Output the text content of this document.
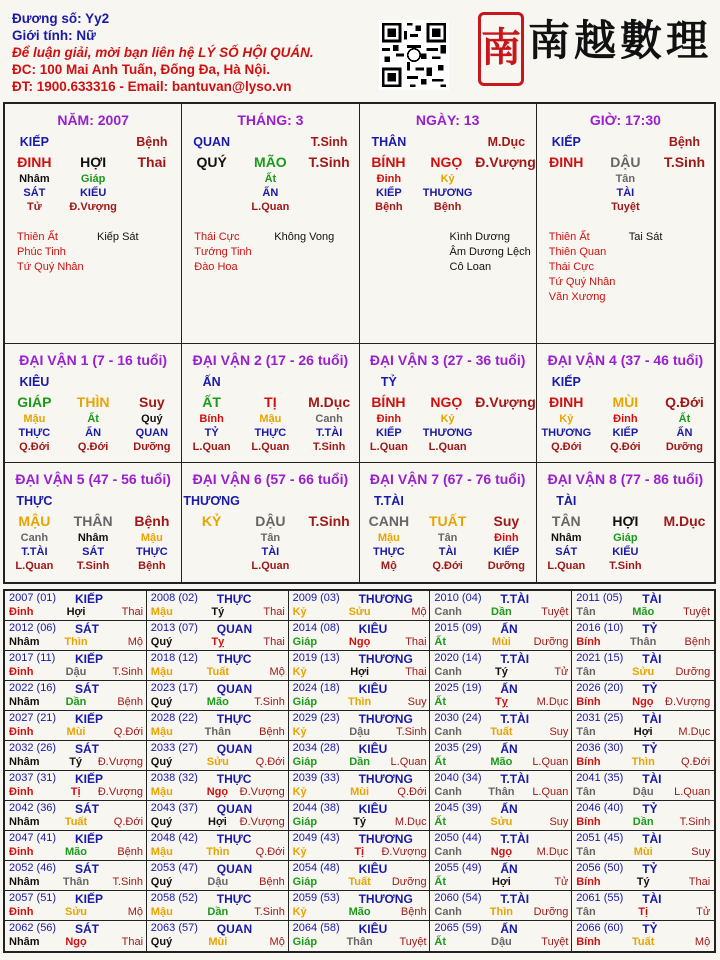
Đương số: Yy2
Giới tính: Nữ
Để luận giải, mời bạn liên hệ LÝ SỐ HỘI QUÁN.
ĐC: 100 Mai Anh Tuấn, Đống Đa, Hà Nội.
ĐT: 1900.633316 - Email: bantuvan@lyso.vn
南 南越數理
NĂM: 2007
KIẾP	Bệnh
ĐINH	HỢI	Thai
Nhâm	Giáp
SÁT	KIẾU
Tử	Đ.Vượng
Thiên Ất
Phúc Tinh
Tứ Quý Nhân
Kiếp Sát
THÁNG: 3
QUAN	T.Sinh
QUÝ	MÃO	T.Sinh
Ất
ẤN
L.Quan
Thái Cực
Tướng Tinh
Đào Hoa
Không Vong
NGÀY: 13
THÂN	M.Dục
BÍNH	NGỌ Đ.Vượng
Đinh	Kỷ
KIẾP	THƯƠNG
Bệnh	Bệnh
Kình Dương
Âm Dương Lệch
Cô Loan
GIỜ: 17:30
KIẾP	Bệnh
ĐINH	DẬU	T.Sinh
Tân
TÀI
Tuyệt
Thiên Ất
Thiên Quan
Thái Cực
Tứ Quý Nhân
Văn Xương
Tai Sát
ĐẠI VẬN 1 (7 - 16 tuổi)
KIÊU
GIÁP	THÌN	Suy
Mậu	Ất	Quý
THỰC	ẤN	QUAN
Q.Đới	Q.Đới	Dưỡng
ĐẠI VẬN 2 (17 - 26 tuổi)
ẤN
ẤT	TỊ	M.Dục
Bính	Mậu	Canh
TỶ	THỰC	T.TÀI
L.Quan	L.Quan	T.Sinh
ĐẠI VẬN 3 (27 - 36 tuổi)
TỶ
BÍNH	NGỌ Đ.Vượng
Đinh	Kỷ
KIẾP	THƯƠNG
L.Quan	L.Quan
ĐẠI VẬN 4 (37 - 46 tuổi)
KIẾP
ĐINH	MÙI	Q.Đới
Kỷ	Đinh	Ất
THƯƠNG	KIẾP	ẤN
Q.Đới	Q.Đới	Dưỡng
ĐẠI VẬN 5 (47 - 56 tuổi)
THỰC
MẬU	THÂN	Bệnh
Canh	Nhâm	Mậu
T.TÀI	SÁT	THỰC
L.Quan	T.Sinh	Bệnh
ĐẠI VẬN 6 (57 - 66 tuổi)
THƯƠNG
KỶ	DẬU	T.Sinh
Tân
TÀI
L.Quan
ĐẠI VẬN 7 (67 - 76 tuổi)
T.TÀI
CANH	TUẤT	Suy
Mậu	Tân	Đinh
THỰC	TÀI	KIẾP
Mộ	Q.Đới	Dưỡng
ĐẠI VẬN 8 (77 - 86 tuổi)
TÀI
TÂN	HỢI	M.Dục
Nhâm	Giáp
SÁT	KIẾU
L.Quan	T.Sinh
2007 (01) KIẾP
Đinh	Hợi	Thai
2008 (02) THỰC
Mậu	Tý	Thai
2009 (03) THƯƠNG
Kỷ	Sửu	Mộ
2010 (04) T.TÀI
Canh	Dần	Tuyệt
2011 (05) TÀI
Tân	Mão	Tuyệt
2012 (06) SÁT
Nhâm	Thìn	Mộ
2013 (07) QUAN
Quý	Tỵ	Thai
2014 (08) KIÊU
Giáp	Ngọ	Thai
2015 (09) ẤN
Ất	Mùi	Dưỡng
2016 (10) TỶ
Bính	Thân	Bệnh
2017 (11) KIẾP
Đinh	Dậu	T.Sinh
2018 (12) THỰC
Mậu	Tuất	Mộ
2019 (13) THƯƠNG
Kỷ	Hợi	Thai
2020 (14) T.TÀI
Canh	Tý	Tử
2021 (15) TÀI
Tân	Sửu	Dưỡng
2022 (16) SÁT
Nhâm	Dần	Bệnh
2023 (17) QUAN
Quý	Mão	T.Sinh
2024 (18) KIÊU
Giáp	Thìn	Suy
2025 (19) ẤN
Ất	Tỵ	M.Dục
2026 (20) TỶ
Bính	Ngọ	Đ.Vượng
2027 (21) KIẾP
Đinh	Mùi	Q.Đới
2028 (22) THỰC
Mậu	Thân	Bệnh
2029 (23) THƯƠNG
Kỷ	Dậu	T.Sinh
2030 (24) T.TÀI
Canh	Tuất	Suy
2031 (25) TÀI
Tân	Hợi	M.Dục
2032 (26) SÁT
Nhâm	Tý	Đ.Vượng
2033 (27) QUAN
Quý	Sửu	Q.Đới
2034 (28) KIÊU
Giáp	Dần	L.Quan
2035 (29) ẤN
Ất	Mão	L.Quan
2036 (30) TỶ
Bính	Thìn	Q.Đới
2037 (31) KIẾP
Đinh	Tị	Đ.Vượng
2038 (32) THỰC
Mậu	Ngọ	Đ.Vượng
2039 (33) THƯƠNG
Kỷ	Mùi	Q.Đới
2040 (34) T.TÀI
Canh	Thân	L.Quan
2041 (35) TÀI
Tân	Dậu	L.Quan
2042 (36) SÁT
Nhâm	Tuất	Q.Đới
2043 (37) QUAN
Quý	Hợi	Đ.Vượng
2044 (38) KIÊU
Giáp	Tý	M.Dục
2045 (39) ẤN
Ất	Sửu	Suy
2046 (40) TỶ
Bính	Dần	T.Sinh
2047 (41) KIẾP
Đinh	Mão	Bệnh
2048 (42) THỰC
Mậu	Thìn	Q.Đới
2049 (43) THƯƠNG
Kỷ	Tị	Đ.Vượng
2050 (44) T.TÀI
Canh	Ngọ	M.Dục
2051 (45) TÀI
Tân	Mùi	Suy
2052 (46) SÁT
Nhâm	Thân	T.Sinh
2053 (47) QUAN
Quý	Dậu	Bệnh
2054 (48) KIÊU
Giáp	Tuất	Dưỡng
2055 (49) ẤN
Ất	Hợi	Tử
2056 (50) TỶ
Bính	Tý	Thai
2057 (51) KIẾP
Đinh	Sửu	Mộ
2058 (52) THỰC
Mậu	Dần	T.Sinh
2059 (53) THƯƠNG
Kỷ	Mão	Bệnh
2060 (54) T.TÀI
Canh	Thìn	Dưỡng
2061 (55) TÀI
Tân	Tị	Tử
2062 (56) SÁT
Nhâm	Ngọ	Thai
2063 (57) QUAN
Quý	Mùi	Mộ
2064 (58) KIÊU
Giáp	Thân	Tuyệt
2065 (59) ẤN
Ất	Dậu	Tuyệt
2066 (60) TỶ
Bính	Tuất	Mộ
